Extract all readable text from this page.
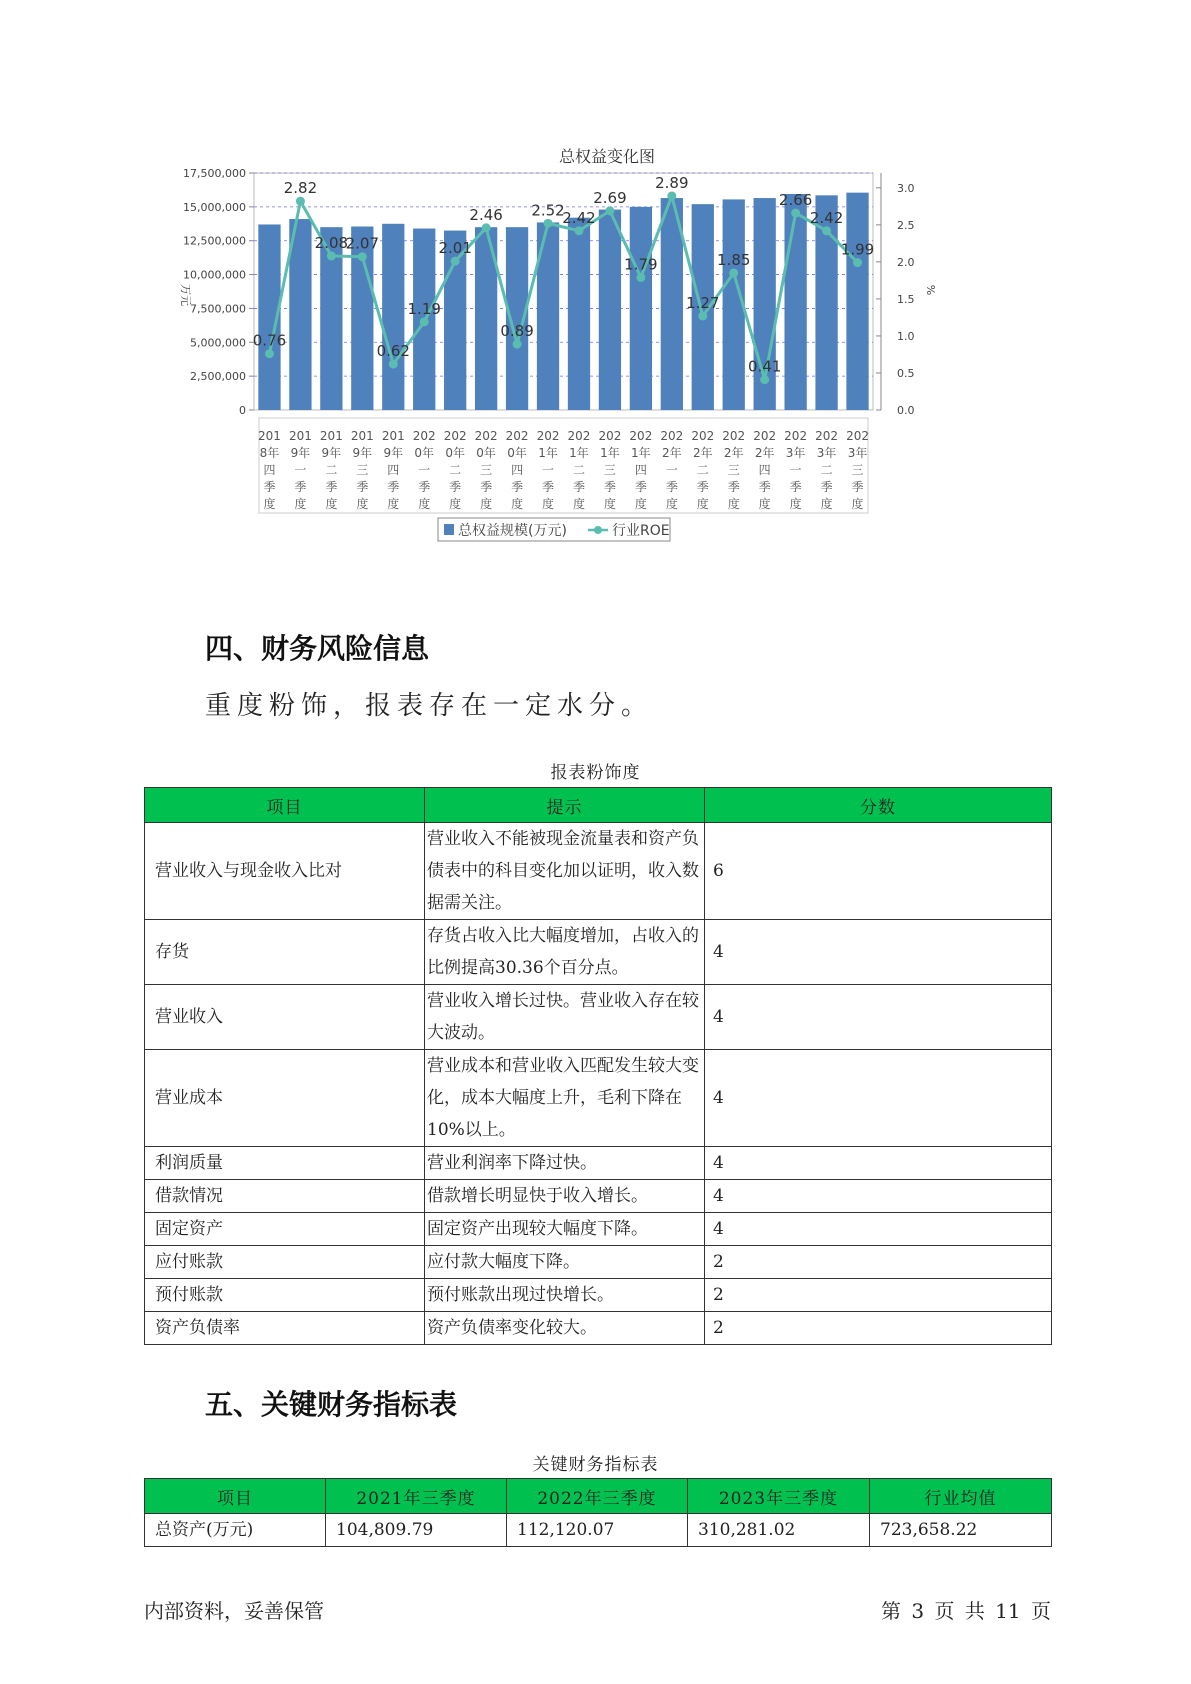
总权益变化图
0
2,500,000
5,000,000
7,500,000
10,000,000
12,500,000
15,000,000
17,500,000
0.0
0.5
1.0
1.5
2.0
2.5
3.0
0.76
2.82
2.08
2.07
0.62
1.19
2.01
2.46
0.89
2.52
2.42
2.69
1.79
2.89
1.27
1.85
0.41
2.66
2.42
1.99
201 8年四季度
201 9年一季度
201 9年二季度
201 9年三季度
201 9年四季度
202 0年一季度
202 0年二季度
202 0年三季度
202 0年四季度
202 1年一季度
202 1年二季度
202 1年三季度
202 1年四季度
202 2年一季度
202 2年二季度
202 2年三季度
202 2年四季度
202 3年一季度
202 3年二季度
202 3年三季度
万元	%
总权益规模(万元)	行业ROE
四、财务风险信息

重度粉饰，报表存在一定水分。

报表粉饰度
项目	提示	分数
营业收入与现金收入比对	营业收入不能被现金流量表和资产负债表中的科目变化加以证明，收入数据需关注。	6
存货	存货占收入比大幅度增加，占收入的比例提高30.36个百分点。	4
营业收入	营业收入增长过快。营业收入存在较大波动。	4
营业成本	营业成本和营业收入匹配发生较大变化，成本大幅度上升，毛利下降在10%以上。	4
利润质量	营业利润率下降过快。	4
借款情况	借款增长明显快于收入增长。	4
固定资产	固定资产出现较大幅度下降。	4
应付账款	应付款大幅度下降。	2
预付账款	预付账款出现过快增长。	2
资产负债率	资产负债率变化较大。	2
五、关键财务指标表
关键财务指标表
项目	2021年三季度	2022年三季度	2023年三季度	行业均值
总资产(万元)	104,809.79	112,120.07	310,281.02	723,658.22
内部资料，妥善保管	第 3 页 共 11 页
